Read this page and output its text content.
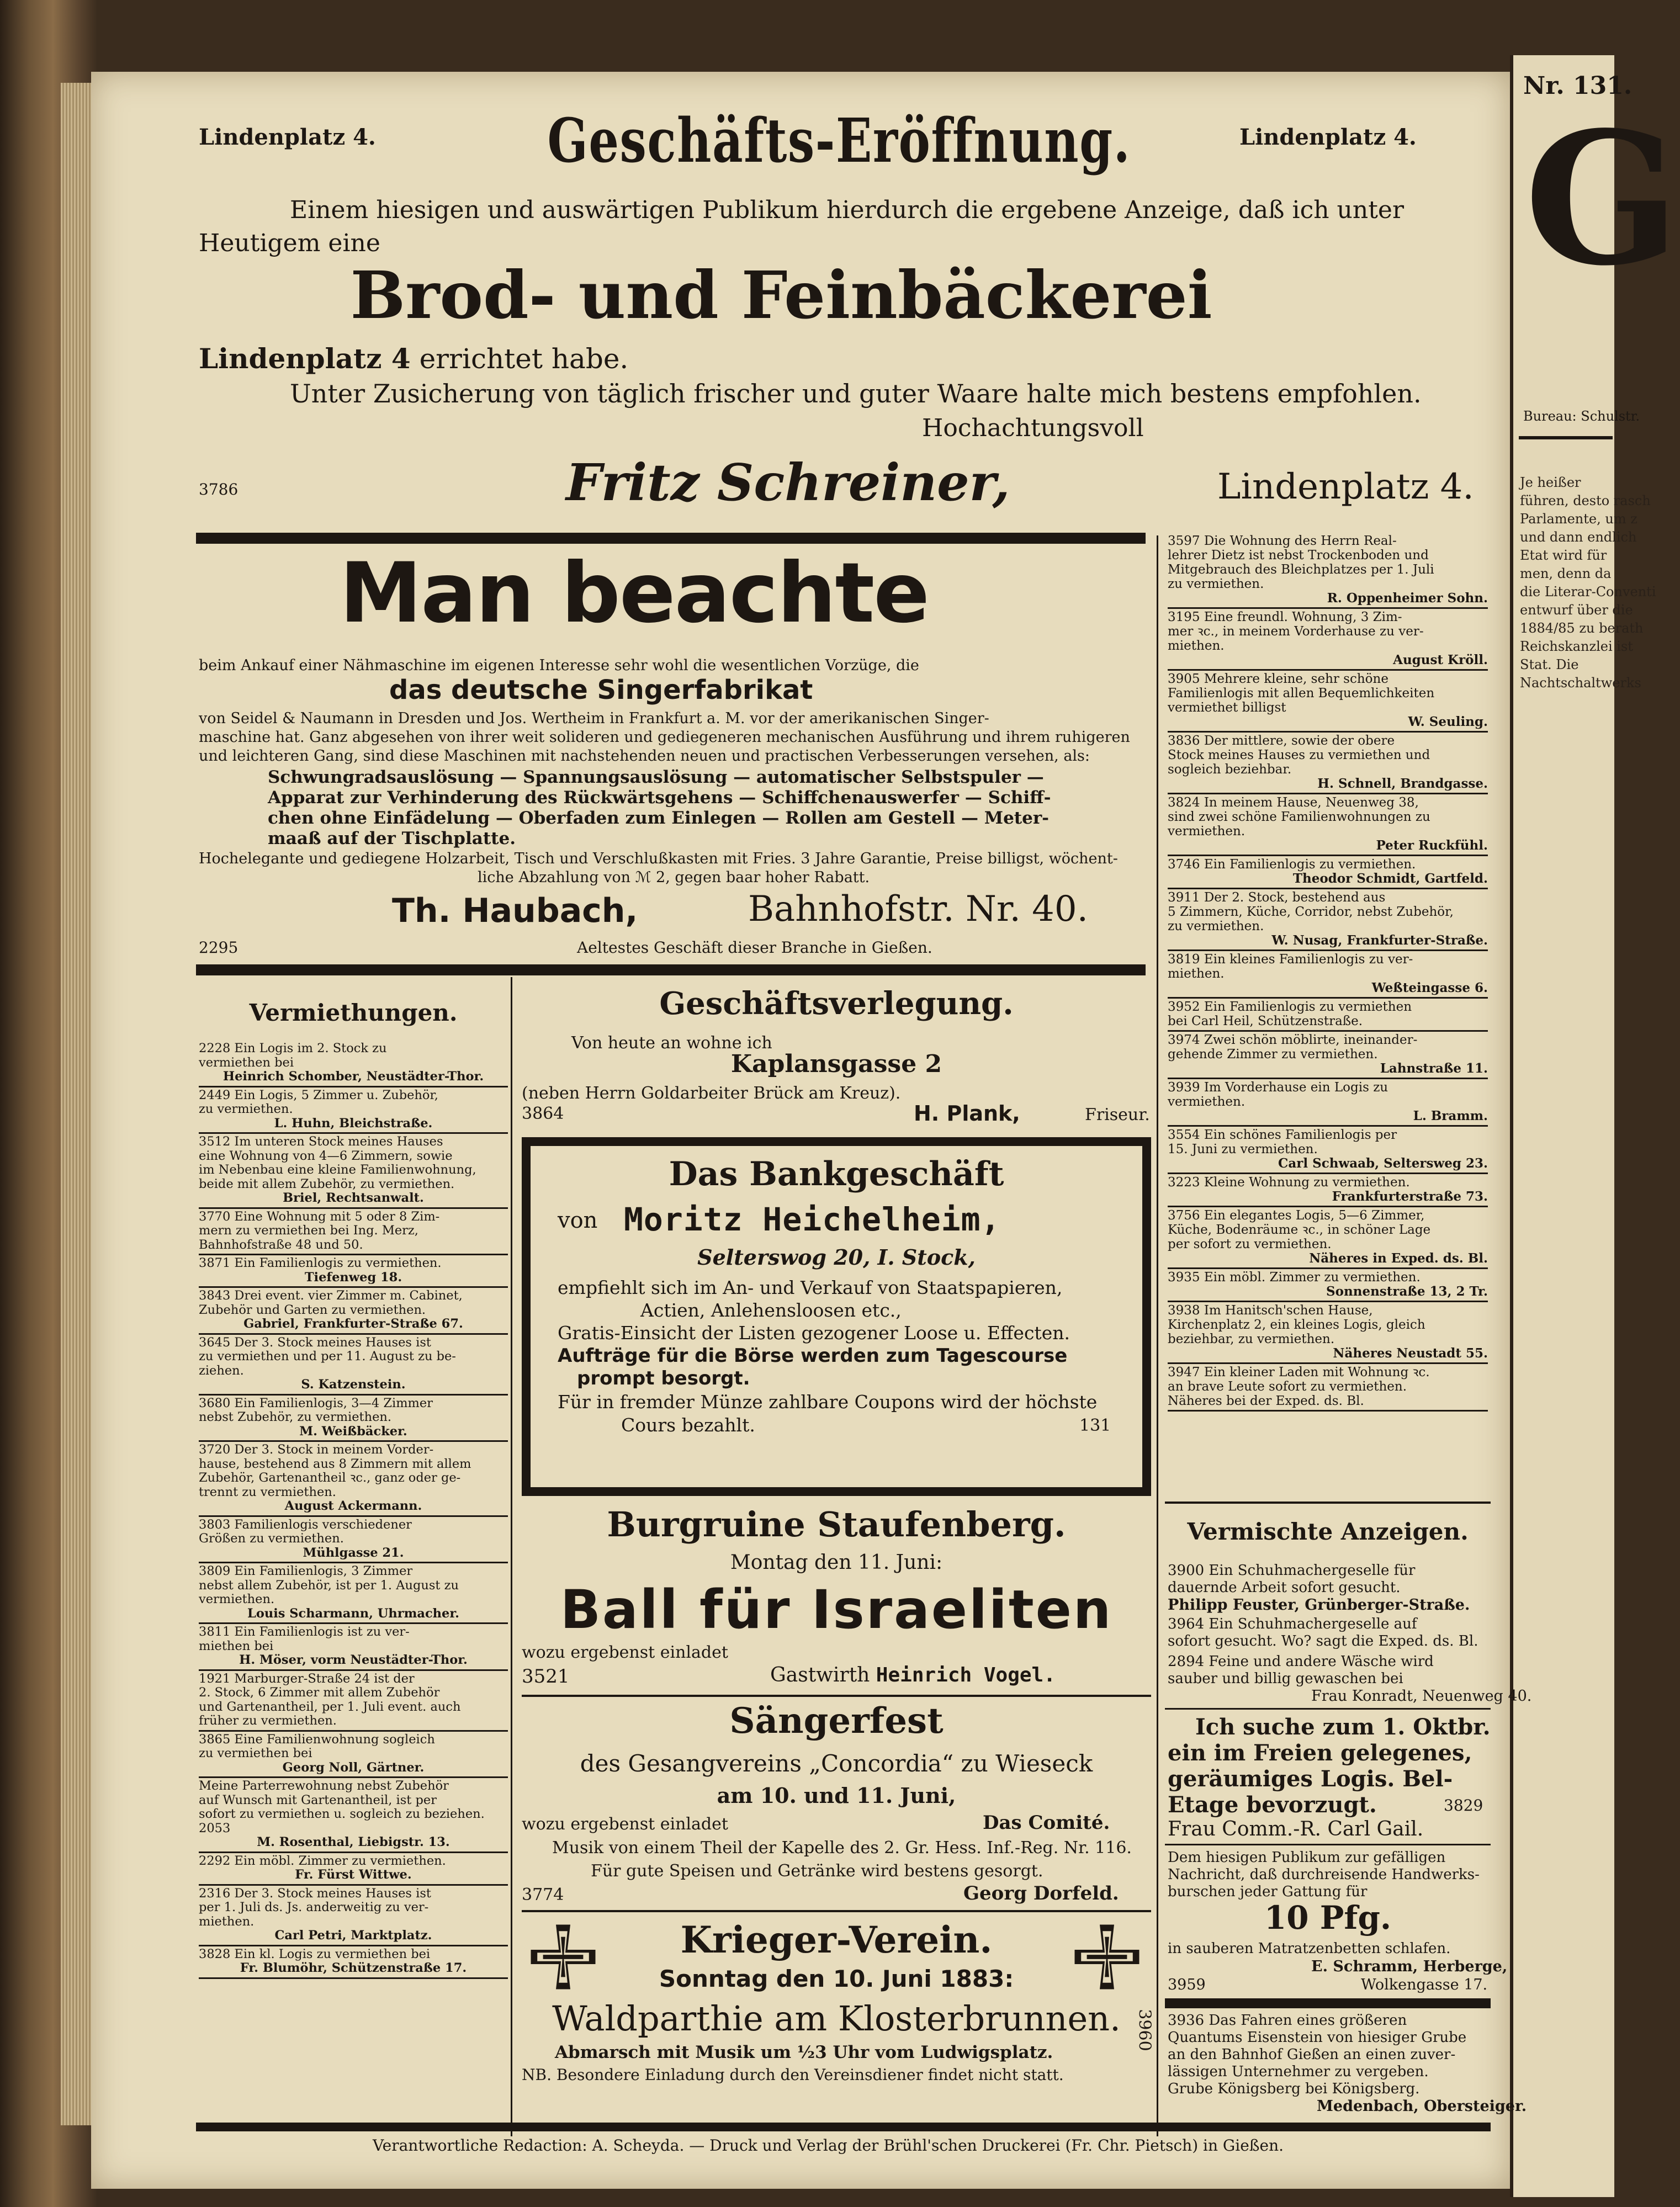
Nr. 131.
G
Bureau: Schulstr.
Je heißer
führen, desto rasch
Parlamente, um z
und dann endlich
Etat wird für
men, denn da
die Literar-Conventi
entwurf über die
1884/85 zu berath
Reichskanzlei ist
Stat. Die
Nachtschaltwerks
Lindenplatz 4.	Geschäfts-Eröffnung.	Lindenplatz 4.
Einem hiesigen und auswärtigen Publikum hierdurch die ergebene Anzeige, daß ich unter
Heutigem eine
Brod- und Feinbäckerei
Lindenplatz 4 errichtet habe.
Unter Zusicherung von täglich frischer und guter Waare halte mich bestens empfohlen.
Hochachtungsvoll
3786	Fritz Schreiner,	Lindenplatz 4.
Man beachte
beim Ankauf einer Nähmaschine im eigenen Interesse sehr wohl die wesentlichen Vorzüge, die
das deutsche Singerfabrikat
von Seidel & Naumann in Dresden und Jos. Wertheim in Frankfurt a. M. vor der amerikanischen Singer-
maschine hat. Ganz abgesehen von ihrer weit solideren und gediegeneren mechanischen Ausführung und ihrem ruhigeren
und leichteren Gang, sind diese Maschinen mit nachstehenden neuen und practischen Verbesserungen versehen, als:
Schwungradsauslösung — Spannungsauslösung — automatischer Selbstspuler —
Apparat zur Verhinderung des Rückwärtsgehens — Schiffchenauswerfer — Schiff-
chen ohne Einfädelung — Oberfaden zum Einlegen — Rollen am Gestell — Meter-
maaß auf der Tischplatte.
Hochelegante und gediegene Holzarbeit, Tisch und Verschlußkasten mit Fries. 3 Jahre Garantie, Preise billigst, wöchent-
liche Abzahlung von ℳ 2, gegen baar hoher Rabatt.
Th. Haubach,	Bahnhofstr. Nr. 40.
2295	Aeltestes Geschäft dieser Branche in Gießen.
3597 Die Wohnung des Herrn Real-
lehrer Dietz ist nebst Trockenboden und
Mitgebrauch des Bleichplatzes per 1. Juli
zu vermiethen.
R. Oppenheimer Sohn.
3195 Eine freundl. Wohnung, 3 Zim-
mer ꝛc., in meinem Vorderhause zu ver-
miethen.
August Kröll.
3905 Mehrere kleine, sehr schöne
Familienlogis mit allen Bequemlichkeiten
vermiethet billigst
W. Seuling.
3836 Der mittlere, sowie der obere
Stock meines Hauses zu vermiethen und
sogleich beziehbar.
H. Schnell, Brandgasse.
3824 In meinem Hause, Neuenweg 38,
sind zwei schöne Familienwohnungen zu
vermiethen.
Peter Ruckfühl.
3746 Ein Familienlogis zu vermiethen.
Theodor Schmidt, Gartfeld.
3911 Der 2. Stock, bestehend aus
5 Zimmern, Küche, Corridor, nebst Zubehör,
zu vermiethen.
W. Nusag, Frankfurter-Straße.
3819 Ein kleines Familienlogis zu ver-
miethen.
Weßteingasse 6.
3952 Ein Familienlogis zu vermiethen
bei Carl Heil, Schützenstraße.
3974 Zwei schön möblirte, ineinander-
gehende Zimmer zu vermiethen.
Lahnstraße 11.
3939 Im Vorderhause ein Logis zu
vermiethen.
L. Bramm.
3554 Ein schönes Familienlogis per
15. Juni zu vermiethen.
Carl Schwaab, Seltersweg 23.
3223 Kleine Wohnung zu vermiethen.
Frankfurterstraße 73.
3756 Ein elegantes Logis, 5—6 Zimmer,
Küche, Bodenräume ꝛc., in schöner Lage
per sofort zu vermiethen.
Näheres in Exped. ds. Bl.
3935 Ein möbl. Zimmer zu vermiethen.
Sonnenstraße 13, 2 Tr.
3938 Im Hanitsch'schen Hause,
Kirchenplatz 2, ein kleines Logis, gleich
beziehbar, zu vermiethen.
Näheres Neustadt 55.
3947 Ein kleiner Laden mit Wohnung ꝛc.
an brave Leute sofort zu vermiethen.
Näheres bei der Exped. ds. Bl.
Vermiethungen.
2228 Ein Logis im 2. Stock zu
vermiethen bei
Heinrich Schomber, Neustädter-Thor.
2449 Ein Logis, 5 Zimmer u. Zubehör,
zu vermiethen.
L. Huhn, Bleichstraße.
3512 Im unteren Stock meines Hauses
eine Wohnung von 4—6 Zimmern, sowie
im Nebenbau eine kleine Familienwohnung,
beide mit allem Zubehör, zu vermiethen.
Briel, Rechtsanwalt.
3770 Eine Wohnung mit 5 oder 8 Zim-
mern zu vermiethen bei Ing. Merz,
Bahnhofstraße 48 und 50.
3871 Ein Familienlogis zu vermiethen.
Tiefenweg 18.
3843 Drei event. vier Zimmer m. Cabinet,
Zubehör und Garten zu vermiethen.
Gabriel, Frankfurter-Straße 67.
3645 Der 3. Stock meines Hauses ist
zu vermiethen und per 11. August zu be-
ziehen.
S. Katzenstein.
3680 Ein Familienlogis, 3—4 Zimmer
nebst Zubehör, zu vermiethen.
M. Weißbäcker.
3720 Der 3. Stock in meinem Vorder-
hause, bestehend aus 8 Zimmern mit allem
Zubehör, Gartenantheil ꝛc., ganz oder ge-
trennt zu vermiethen.
August Ackermann.
3803 Familienlogis verschiedener
Größen zu vermiethen.
Mühlgasse 21.
3809 Ein Familienlogis, 3 Zimmer
nebst allem Zubehör, ist per 1. August zu
vermiethen.
Louis Scharmann, Uhrmacher.
3811 Ein Familienlogis ist zu ver-
miethen bei
H. Möser, vorm Neustädter-Thor.
1921 Marburger-Straße 24 ist der
2. Stock, 6 Zimmer mit allem Zubehör
und Gartenantheil, per 1. Juli event. auch
früher zu vermiethen.
3865 Eine Familienwohnung sogleich
zu vermiethen bei
Georg Noll, Gärtner.
Meine Parterrewohnung nebst Zubehör
auf Wunsch mit Gartenantheil, ist per
sofort zu vermiethen u. sogleich zu beziehen.
2053
M. Rosenthal, Liebigstr. 13.
2292 Ein möbl. Zimmer zu vermiethen.
Fr. Fürst Wittwe.
2316 Der 3. Stock meines Hauses ist
per 1. Juli ds. Js. anderweitig zu ver-
miethen.
Carl Petri, Marktplatz.
3828 Ein kl. Logis zu vermiethen bei
Fr. Blumöhr, Schützenstraße 17.
Geschäftsverlegung.
Von heute an wohne ich
Kaplansgasse 2
(neben Herrn Goldarbeiter Brück am Kreuz).
3864	H. Plank,	Friseur.
Das Bankgeschäft
von Moritz Heichelheim,
Selterswog 20, I. Stock,
empfiehlt sich im An- und Verkauf von Staatspapieren,
Actien, Anlehensloosen etc.,
Gratis-Einsicht der Listen gezogener Loose u. Effecten.
Aufträge für die Börse werden zum Tagescourse
prompt besorgt.
Für in fremder Münze zahlbare Coupons wird der höchste
Cours bezahlt.	131
Burgruine Staufenberg.
Montag den 11. Juni:
Ball für Israeliten
wozu ergebenst einladet
3521	Gastwirth Heinrich Vogel.
Sängerfest
des Gesangvereins „Concordia“ zu Wieseck
am 10. und 11. Juni,
wozu ergebenst einladet	Das Comité.
Musik von einem Theil der Kapelle des 2. Gr. Hess. Inf.-Reg. Nr. 116.
Für gute Speisen und Getränke wird bestens gesorgt.
3774	Georg Dorfeld.
Krieger-Verein.
Sonntag den 10. Juni 1883:
Waldparthie am Klosterbrunnen.
Abmarsch mit Musik um ½3 Uhr vom Ludwigsplatz.
NB. Besondere Einladung durch den Vereinsdiener findet nicht statt.
3960
Vermischte Anzeigen.
3900 Ein Schuhmachergeselle für
dauernde Arbeit sofort gesucht.
Philipp Feuster, Grünberger-Straße.
3964 Ein Schuhmachergeselle auf
sofort gesucht. Wo? sagt die Exped. ds. Bl.
2894 Feine und andere Wäsche wird
sauber und billig gewaschen bei
Frau Konradt, Neuenweg 40.
Ich suche zum 1. Oktbr.
ein im Freien gelegenes,
geräumiges Logis. Bel-
Etage bevorzugt.	3829
Frau Comm.-R. Carl Gail.
Dem hiesigen Publikum zur gefälligen
Nachricht, daß durchreisende Handwerks-
burschen jeder Gattung für
10 Pfg.
in sauberen Matratzenbetten schlafen.
E. Schramm, Herberge,
3959	Wolkengasse 17.
3936 Das Fahren eines größeren
Quantums Eisenstein von hiesiger Grube
an den Bahnhof Gießen an einen zuver-
lässigen Unternehmer zu vergeben.
Grube Königsberg bei Königsberg.
Medenbach, Obersteiger.
Verantwortliche Redaction: A. Scheyda. — Druck und Verlag der Brühl'schen Druckerei (Fr. Chr. Pietsch) in Gießen.
